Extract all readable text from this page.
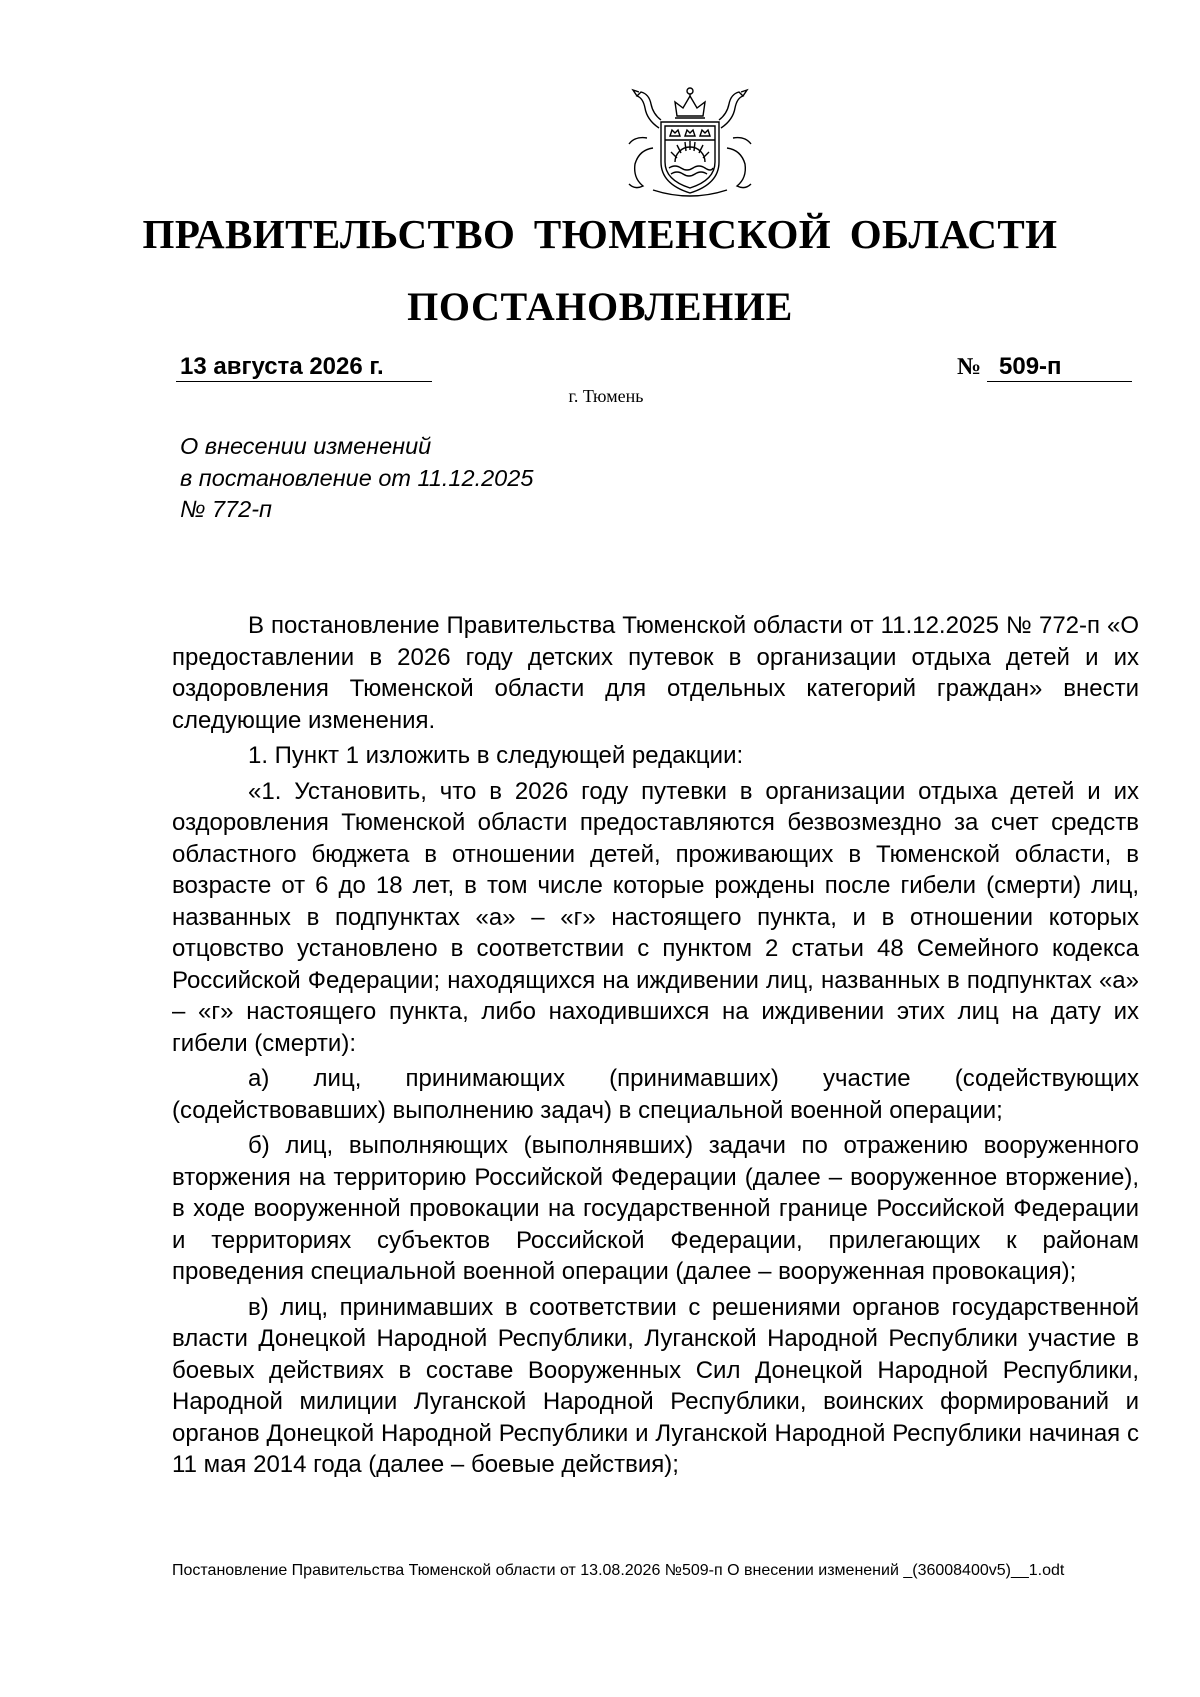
ПРАВИТЕЛЬСТВО ТЮМЕНСКОЙ ОБЛАСТИ
ПОСТАНОВЛЕНИЕ
13 августа 2026 г.	№ 509-п
г. Тюмень
О внесении изменений
в постановление от 11.12.2025
№ 772-п

В постановление Правительства Тюменской области от 11.12.2025 № 772-п «О предоставлении в 2026 году детских путевок в организации отдыха детей и их оздоровления Тюменской области для отдельных категорий граждан» внести следующие изменения.

1. Пункт 1 изложить в следующей редакции:

«1. Установить, что в 2026 году путевки в организации отдыха детей и их оздоровления Тюменской области предоставляются безвозмездно за счет средств областного бюджета в отношении детей, проживающих в Тюменской области, в возрасте от 6 до 18 лет, в том числе которые рождены после гибели (смерти) лиц, названных в подпунктах «а» – «г» настоящего пункта, и в отношении которых отцовство установлено в соответствии с пунктом 2 статьи 48 Семейного кодекса Российской Федерации; находящихся на иждивении лиц, названных в подпунктах «а» – «г» настоящего пункта, либо находившихся на иждивении этих лиц на дату их гибели (смерти):

а) лиц, принимающих (принимавших) участие (содействующих (содействовавших) выполнению задач) в специальной военной операции;

б) лиц, выполняющих (выполнявших) задачи по отражению вооруженного вторжения на территорию Российской Федерации (далее – вооруженное вторжение), в ходе вооруженной провокации на государственной границе Российской Федерации и территориях субъектов Российской Федерации, прилегающих к районам проведения специальной военной операции (далее – вооруженная провокация);

в) лиц, принимавших в соответствии с решениями органов государственной власти Донецкой Народной Республики, Луганской Народной Республики участие в боевых действиях в составе Вооруженных Сил Донецкой Народной Республики, Народной милиции Луганской Народной Республики, воинских формирований и органов Донецкой Народной Республики и Луганской Народной Республики начиная с 11 мая 2014 года (далее – боевые действия);

Постановление Правительства Тюменской области от 13.08.2026 №509-п О внесении изменений _(36008400v5)__1.odt
